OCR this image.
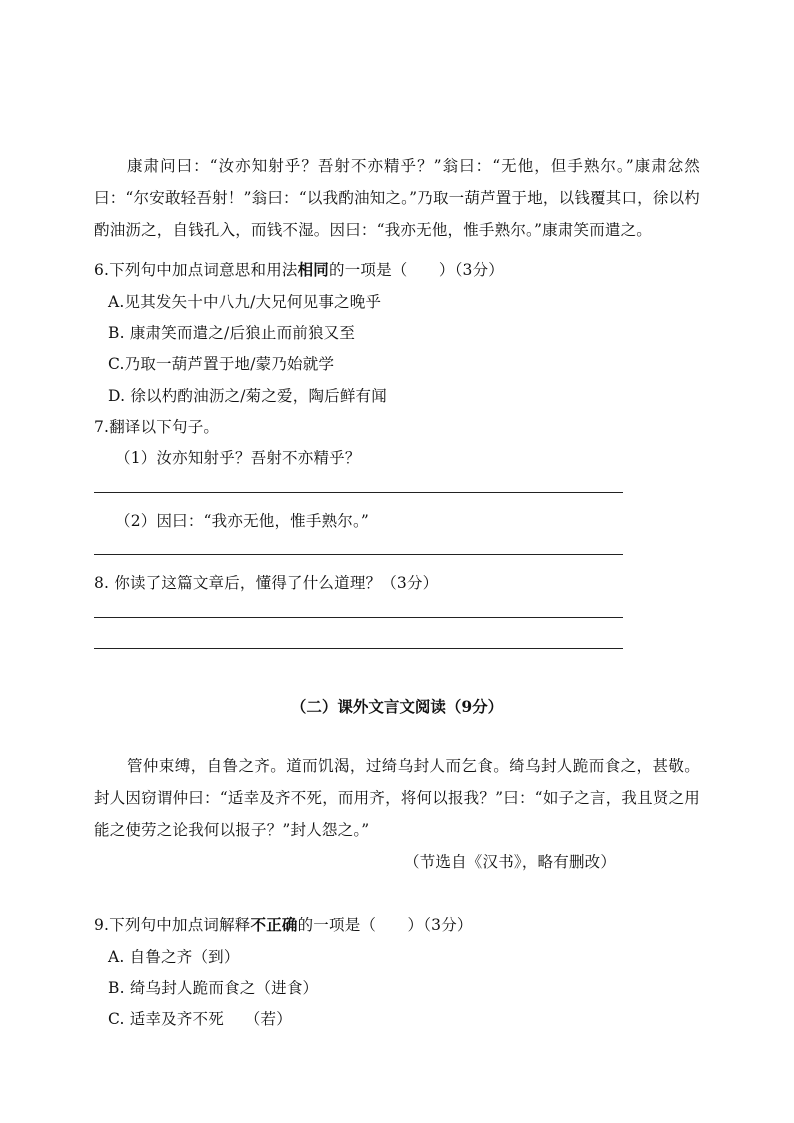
康肃问曰：“汝亦知射乎？吾射不亦精乎？”翁曰：“无他，但手熟尔。”康肃忿然曰：“尔安敢轻吾射！”翁曰：“以我酌油知之。”乃取一葫芦置于地，以钱覆其口，徐以杓酌油沥之，自钱孔入，而钱不湿。因曰：“我亦无他，惟手熟尔。”康肃笑而遣之。
6.下列句中加点词意思和用法相同的一项是（　　）（3分）
A.见其发矢十中八九/大兄何见事之晚乎
B. 康肃笑而遣之/后狼止而前狼又至
C.乃取一葫芦置于地/蒙乃始就学
D. 徐以杓酌油沥之/菊之爱，陶后鲜有闻
7.翻译以下句子。
（1）汝亦知射乎？吾射不亦精乎？
（2）因曰：“我亦无他，惟手熟尔。”
8. 你读了这篇文章后，懂得了什么道理？（3分）
（二）课外文言文阅读（9分）
管仲束缚，自鲁之齐。道而饥渴，过绮乌封人而乞食。绮乌封人跪而食之，甚敬。封人因窃谓仲曰：“适幸及齐不死，而用齐，将何以报我？”曰：“如子之言，我且贤之用能之使劳之论我何以报子？”封人怨之。”
（节选自《汉书》，略有删改）
9.下列句中加点词解释不正确的一项是（　　）（3分）
A. 自鲁之齐（到）
B. 绮乌封人跪而食之（进食）
C. 适幸及齐不死　 （若）
